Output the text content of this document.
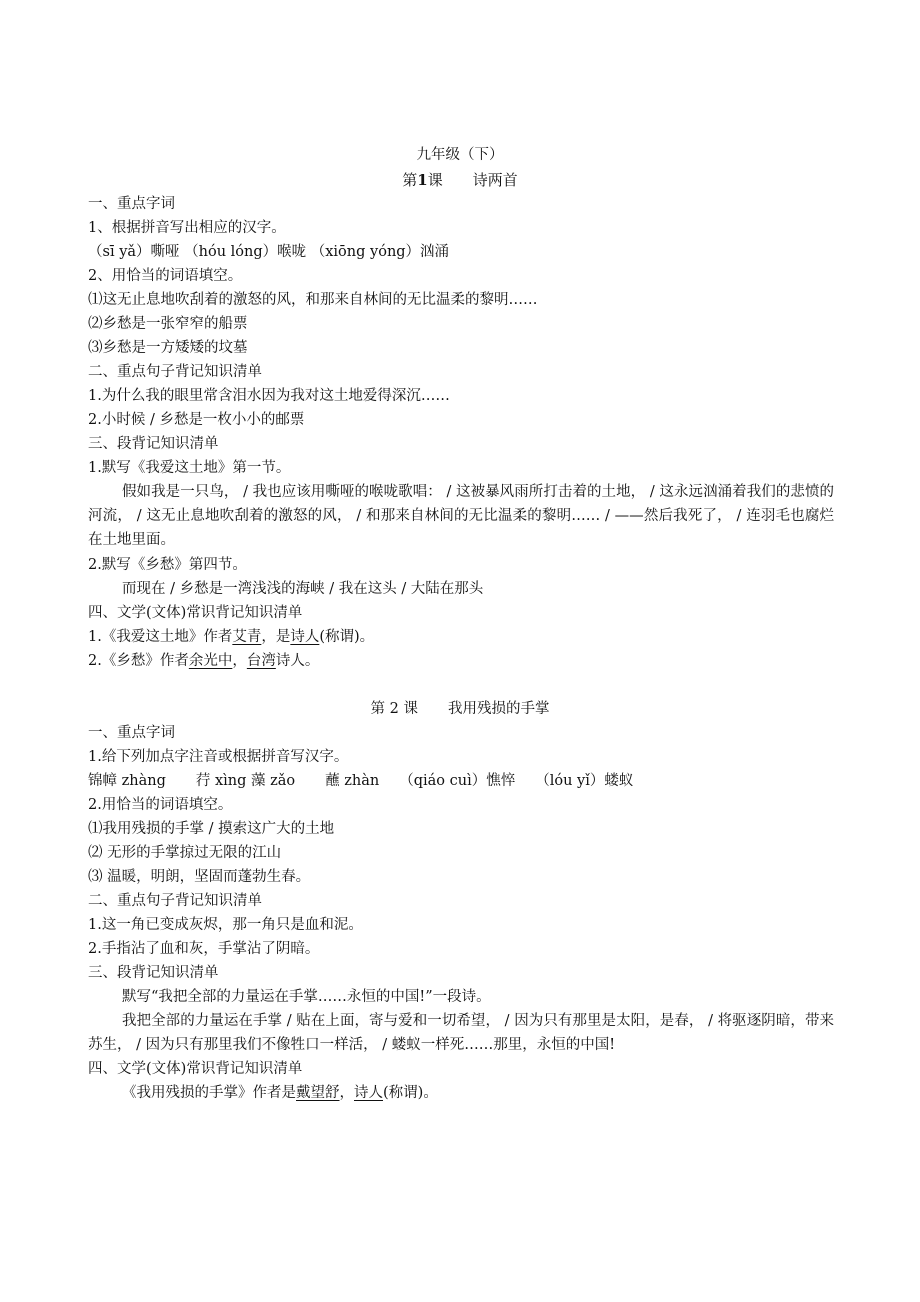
九年级（下）
第1课 诗两首
一、重点字词
1、根据拼音写出相应的汉字。
（sī yǎ）嘶哑 （hóu lóng）喉咙 （xiōng yóng）汹涌
2、用恰当的词语填空。
⑴这无止息地吹刮着的激怒的风，和那来自林间的无比温柔的黎明……
⑵乡愁是一张窄窄的船票
⑶乡愁是一方矮矮的坟墓
二、重点句子背记知识清单
1.为什么我的眼里常含泪水因为我对这土地爱得深沉……
2.小时候 / 乡愁是一枚小小的邮票
三、段背记知识清单
1.默写《我爱这土地》第一节。
假如我是一只鸟， / 我也应该用嘶哑的喉咙歌唱： / 这被暴风雨所打击着的土地， / 这永远汹涌着我们的悲愤的河流， / 这无止息地吹刮着的激怒的风， / 和那来自林间的无比温柔的黎明…… / ——然后我死了， / 连羽毛也腐烂在土地里面。
2.默写《乡愁》第四节。
而现在 / 乡愁是一湾浅浅的海峡 / 我在这头 / 大陆在那头
四、文学(文体)常识背记知识清单
1.《我爱这土地》作者艾青，是诗人(称谓)。
2.《乡愁》作者余光中，台湾诗人。
第 2 课 我用残损的手掌
一、重点字词
1.给下列加点字注音或根据拼音写汉字。
锦幛 zhàng 荇 xìng 藻 zǎo 蘸 zhàn （qiáo cuì）憔悴 （lóu yǐ）蝼蚁
2.用恰当的词语填空。
⑴我用残损的手掌 / 摸索这广大的土地
⑵ 无形的手掌掠过无限的江山
⑶ 温暖，明朗，坚固而蓬勃生春。
二、重点句子背记知识清单
1.这一角已变成灰烬，那一角只是血和泥。
2.手指沾了血和灰，手掌沾了阴暗。
三、段背记知识清单
默写“我把全部的力量运在手掌……永恒的中国!”一段诗。
我把全部的力量运在手掌 / 贴在上面，寄与爱和一切希望， / 因为只有那里是太阳，是春， / 将驱逐阴暗，带来苏生， / 因为只有那里我们不像牲口一样活， / 蝼蚁一样死……那里，永恒的中国!
四、文学(文体)常识背记知识清单
《我用残损的手掌》作者是戴望舒，诗人(称谓)。
